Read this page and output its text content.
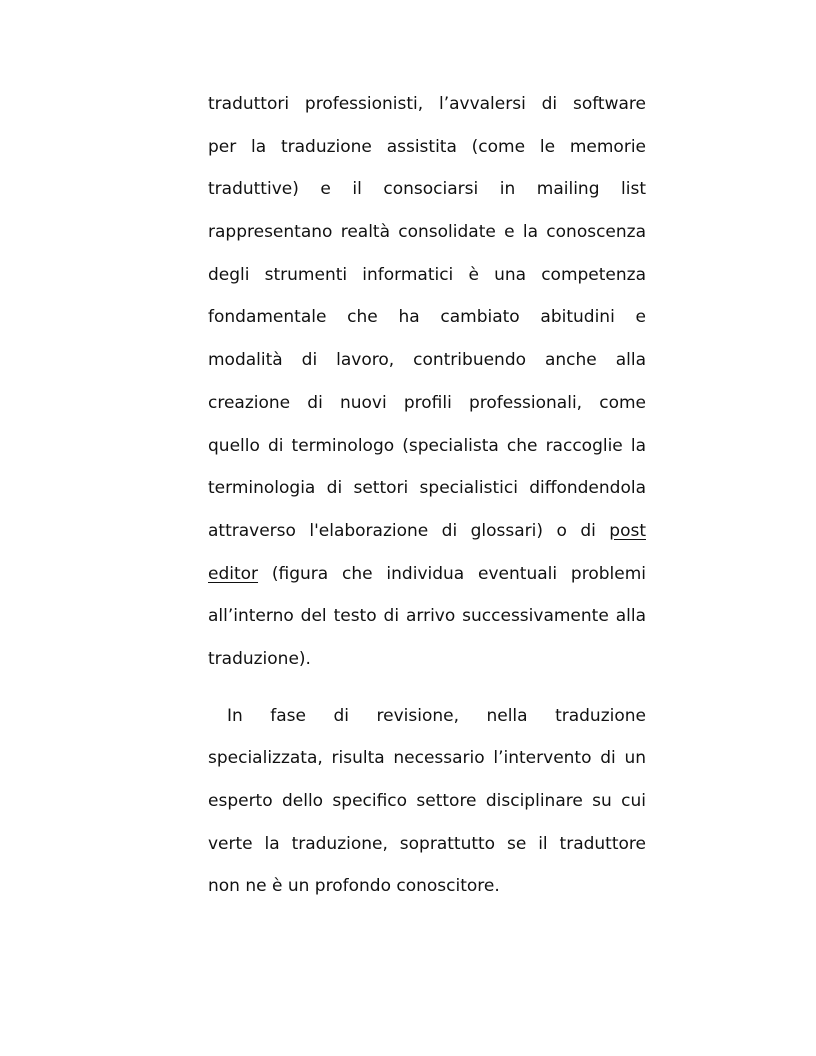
traduttori professionisti, l’avvalersi di software
per la traduzione assistita (come le memorie
traduttive) e il consociarsi in mailing list
rappresentano realtà consolidate e la conoscenza
degli strumenti informatici è una competenza
fondamentale che ha cambiato abitudini e
modalità di lavoro, contribuendo anche alla
creazione di nuovi profili professionali, come
quello di terminologo (specialista che raccoglie la
terminologia di settori specialistici diffondendola
attraverso l'elaborazione di glossari) o di post
editor (figura che individua eventuali problemi
all’interno del testo di arrivo successivamente alla
traduzione).
In fase di revisione, nella traduzione
specializzata, risulta necessario l’intervento di un
esperto dello specifico settore disciplinare su cui
verte la traduzione, soprattutto se il traduttore
non ne è un profondo conoscitore.
